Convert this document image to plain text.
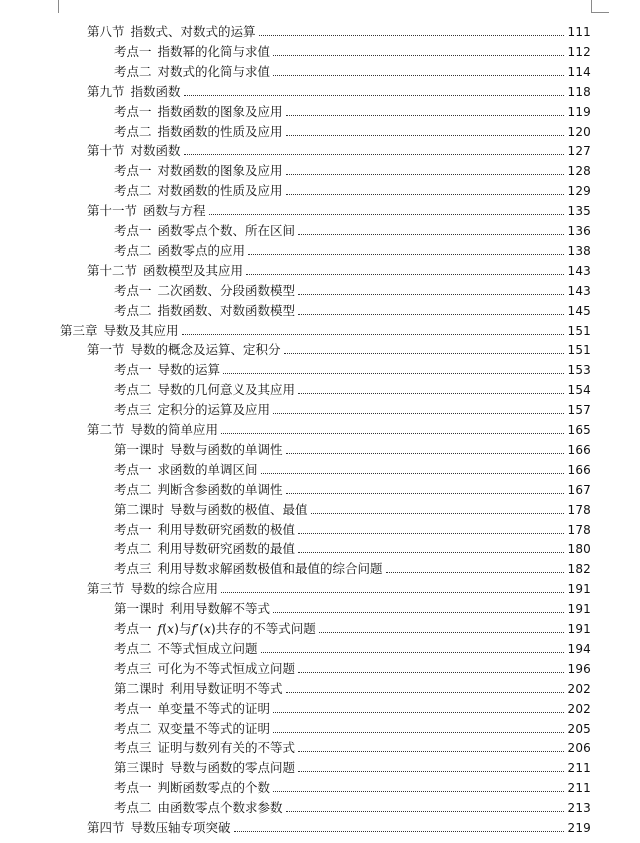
第八节 指数式、对数式的运算	111
考点一 指数幂的化简与求值	112
考点二 对数式的化简与求值	114
第九节 指数函数	118
考点一 指数函数的图象及应用	119
考点二 指数函数的性质及应用	120
第十节 对数函数	127
考点一 对数函数的图象及应用	128
考点二 对数函数的性质及应用	129
第十一节 函数与方程	135
考点一 函数零点个数、所在区间	136
考点二 函数零点的应用	138
第十二节 函数模型及其应用	143
考点一 二次函数、分段函数模型	143
考点二 指数函数、对数函数模型	145
第三章 导数及其应用	151
第一节 导数的概念及运算、定积分	151
考点一 导数的运算	153
考点二 导数的几何意义及其应用	154
考点三 定积分的运算及应用	157
第二节 导数的简单应用	165
第一课时 导数与函数的单调性	166
考点一 求函数的单调区间	166
考点二 判断含参函数的单调性	167
第二课时 导数与函数的极值、最值	178
考点一 利用导数研究函数的极值	178
考点二 利用导数研究函数的最值	180
考点三 利用导数求解函数极值和最值的综合问题	182
第三节 导数的综合应用	191
第一课时 利用导数解不等式	191
考点一 f(x)与f′(x)共存的不等式问题	191
考点二 不等式恒成立问题	194
考点三 可化为不等式恒成立问题	196
第二课时 利用导数证明不等式	202
考点一 单变量不等式的证明	202
考点二 双变量不等式的证明	205
考点三 证明与数列有关的不等式	206
第三课时 导数与函数的零点问题	211
考点一 判断函数零点的个数	211
考点二 由函数零点个数求参数	213
第四节 导数压轴专项突破	219
